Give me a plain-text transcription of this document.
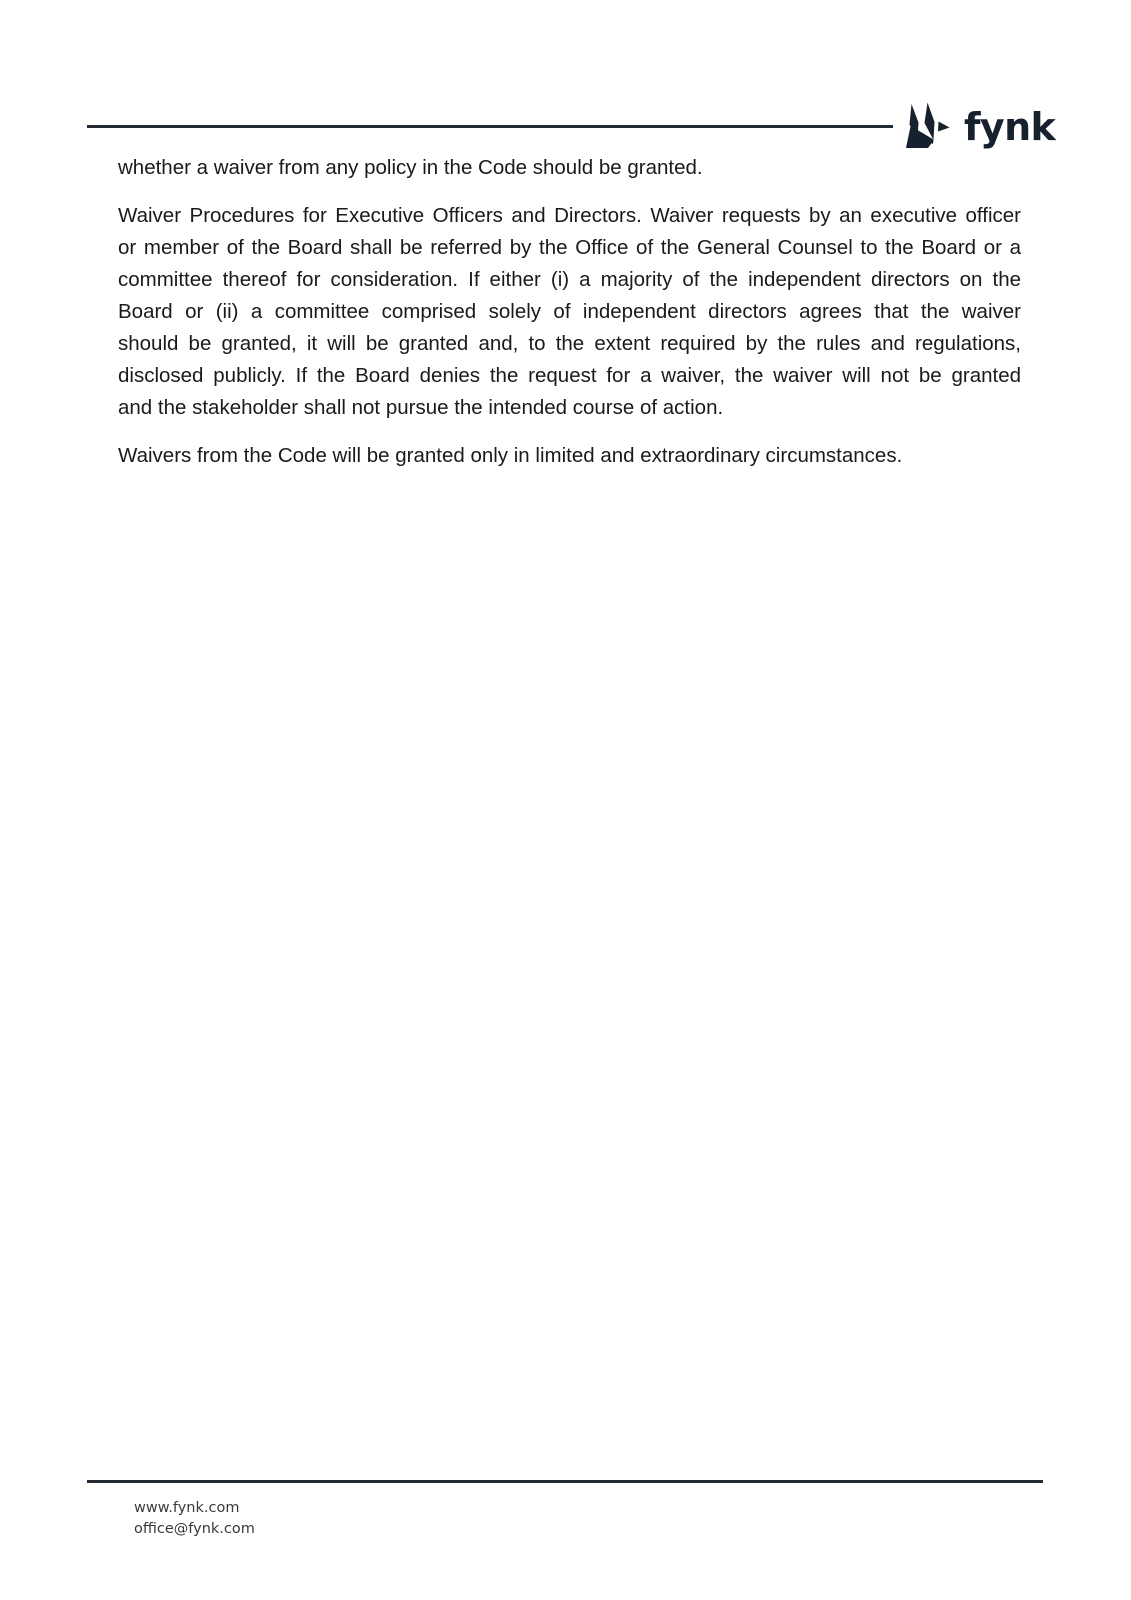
fynk

whether a waiver from any policy in the Code should be granted.

Waiver Procedures for Executive Officers and Directors. Waiver requests by an executive officer
or member of the Board shall be referred by the Office of the General Counsel to the Board or a
committee thereof for consideration. If either (i) a majority of the independent directors on the
Board or (ii) a committee comprised solely of independent directors agrees that the waiver
should be granted, it will be granted and, to the extent required by the rules and regulations,
disclosed publicly. If the Board denies the request for a waiver, the waiver will not be granted
and the stakeholder shall not pursue the intended course of action.

Waivers from the Code will be granted only in limited and extraordinary circumstances.

www.fynk.com
office@fynk.com
